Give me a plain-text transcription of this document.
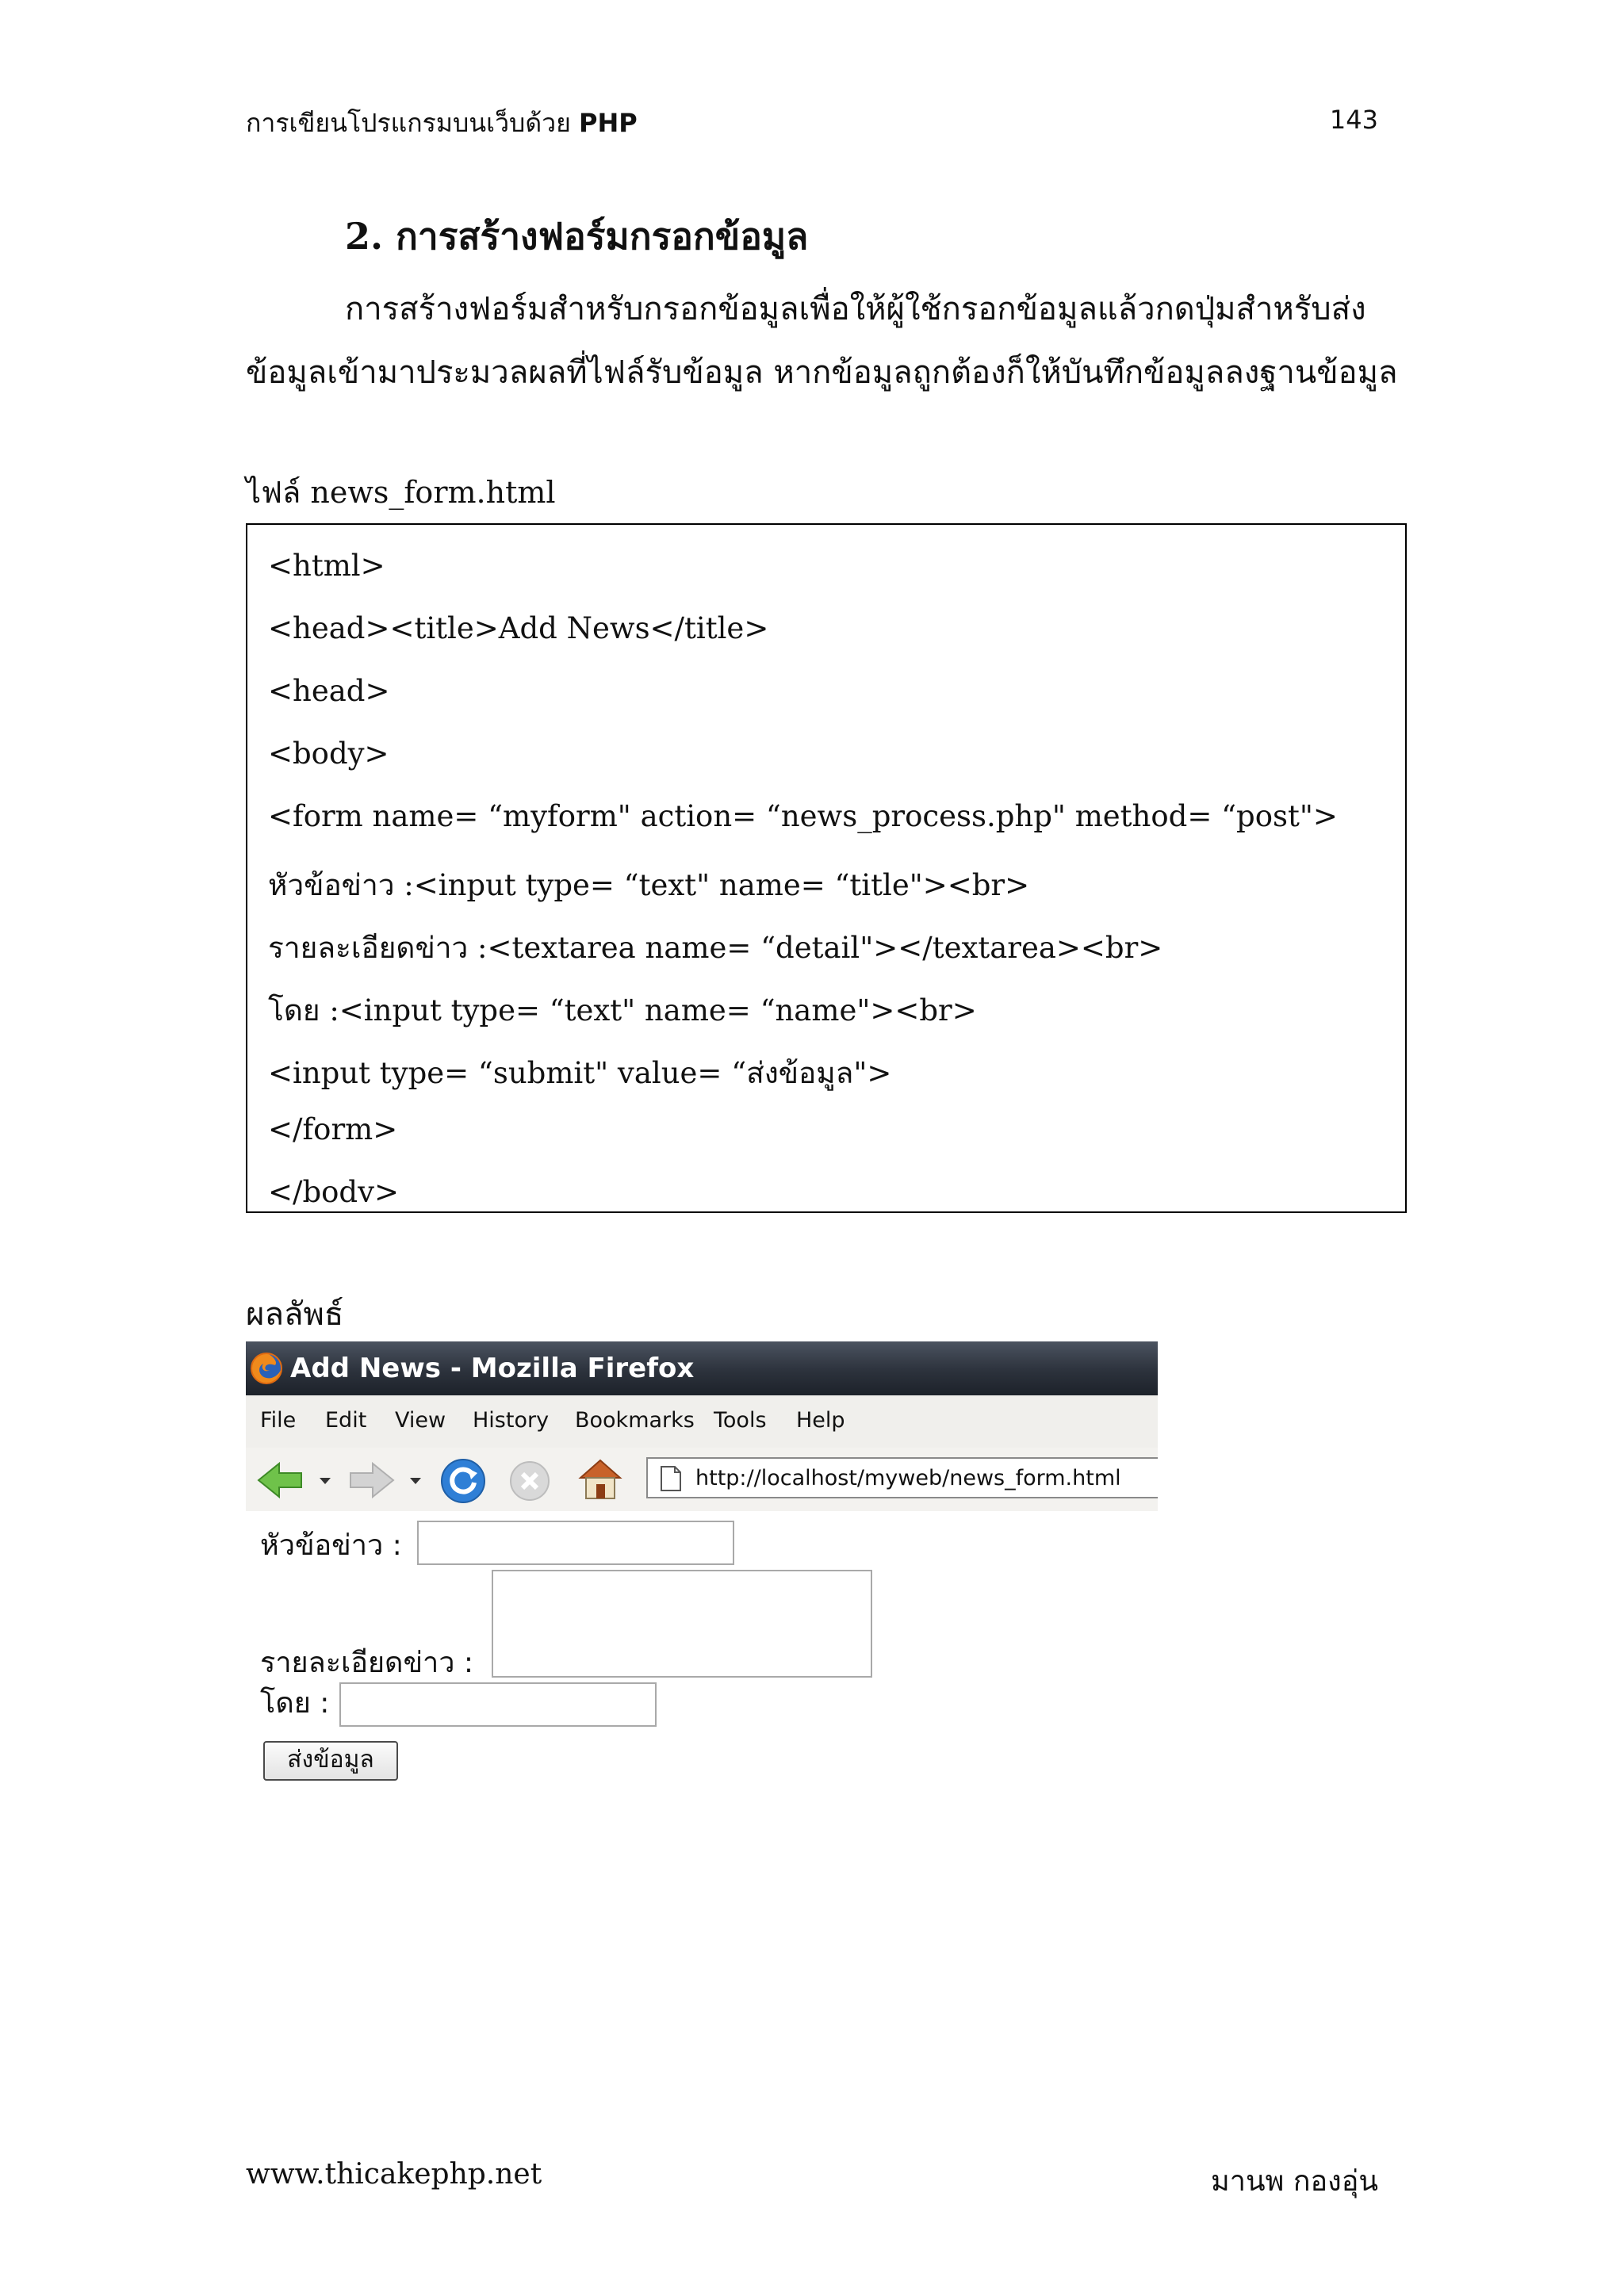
การเขียนโปรแกรมบนเว็บด้วย PHP	143
2. การสร้างฟอร์มกรอกข้อมูล
การสร้างฟอร์มสำหรับกรอกข้อมูลเพื่อให้ผู้ใช้กรอกข้อมูลแล้วกดปุ่มสำหรับส่ง
ข้อมูลเข้ามาประมวลผลที่ไฟล์รับข้อมูล หากข้อมูลถูกต้องก็ให้บันทึกข้อมูลลงฐานข้อมูล
ไฟล์ news_form.html
<html>
<head><title>Add News</title>
<head>
<body>
<form name= “myform" action= “news_process.php" method= “post">
หัวข้อข่าว :<input type= “text" name= “title"><br>
รายละเอียดข่าว :<textarea name= “detail"></textarea><br>
โดย :<input type= “text" name= “name"><br>
<input type= “submit" value= “ส่งข้อมูล">
</form>
</bodv>
ผลลัพธ์
Add News - Mozilla Firefox
File Edit View History Bookmarks Tools Help
http://localhost/myweb/news_form.html
หัวข้อข่าว :
รายละเอียดข่าว :
โดย :
ส่งข้อมูล
www.thicakephp.net	มานพ กองอุ่น
